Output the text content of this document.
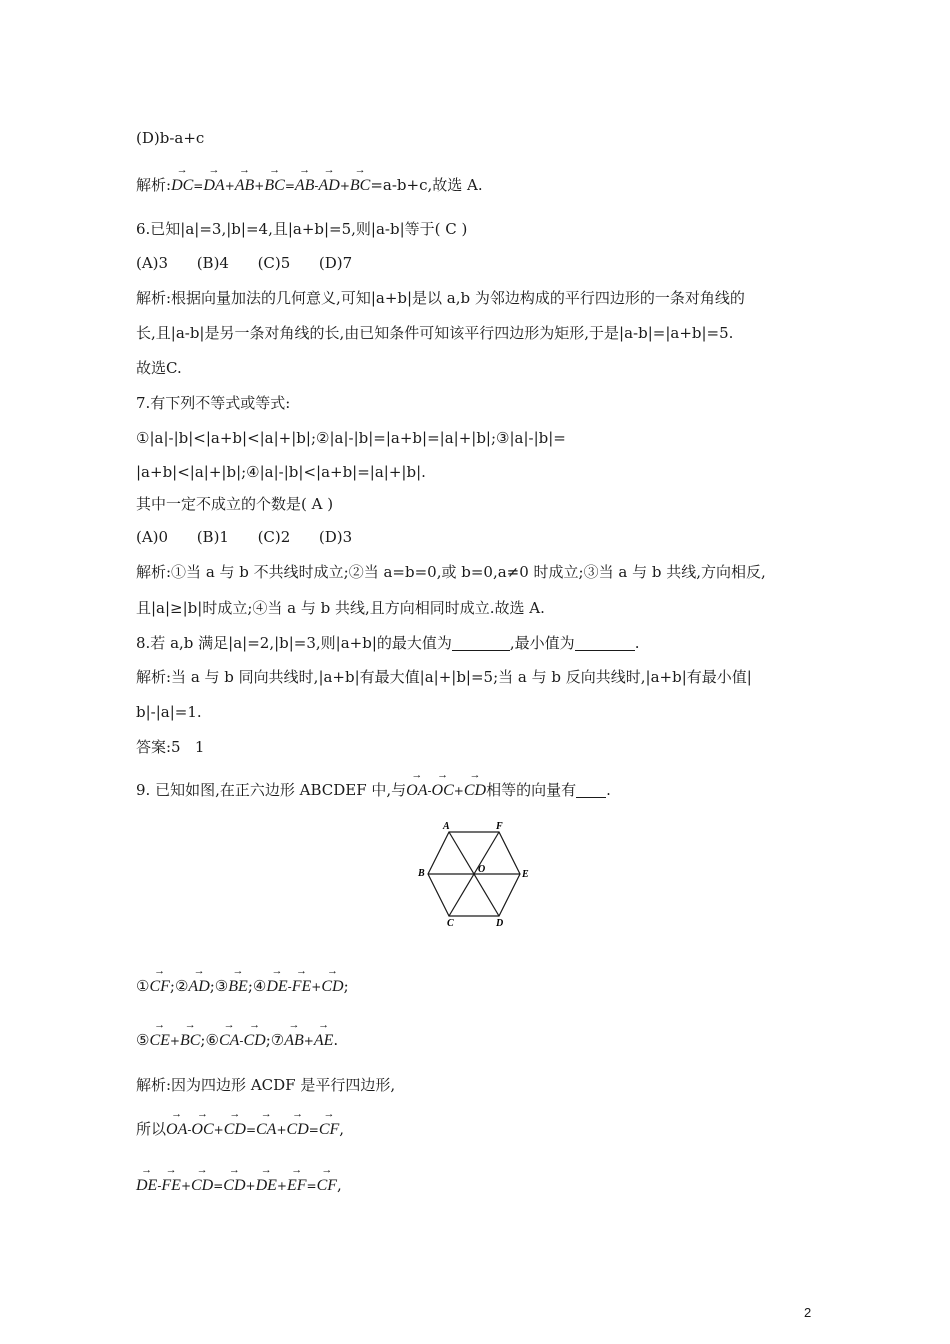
(D)b-a+c
解析:→ DC=→ DA+→ AB+→ BC=→ AB-→ AD+→ BC=a-b+c,故选 A.
6.已知|a|=3,|b|=4,且|a+b|=5,则|a-b|等于( C )
(A)3      (B)4      (C)5      (D)7
解析:根据向量加法的几何意义,可知|a+b|是以 a,b 为邻边构成的平行四边形的一条对角线的
长,且|a-b|是另一条对角线的长,由已知条件可知该平行四边形为矩形,于是|a-b|=|a+b|=5.
故选C.
7.有下列不等式或等式:
①|a|-|b|<|a+b|<|a|+|b|;②|a|-|b|=|a+b|=|a|+|b|;③|a|-|b|=
|a+b|<|a|+|b|;④|a|-|b|<|a+b|=|a|+|b|.
其中一定不成立的个数是( A )
(A)0      (B)1      (C)2      (D)3
解析:①当 a 与 b 不共线时成立;②当 a=b=0,或 b=0,a≠0 时成立;③当 a 与 b 共线,方向相反,
且|a|≥|b|时成立;④当 a 与 b 共线,且方向相同时成立.故选 A.
8.若 a,b 满足|a|=2,|b|=3,则|a+b|的最大值为	,最小值为	.
解析:当 a 与 b 同向共线时,|a+b|有最大值|a|+|b|=5;当 a 与 b 反向共线时,|a+b|有最小值|
b|-|a|=1.
答案:5   1
9. 已知如图,在正六边形 ABCDEF 中,与→ OA-→ OC+→ CD相等的向量有 .
A	F
B	O	E
C	D
①→ CF;②→ AD;③→ BE;④→ DE-→ FE+→ CD;
⑤→ CE+→ BC;⑥→ CA-→ CD;⑦→ AB+→ AE.
解析:因为四边形 ACDF 是平行四边形,
所以→ OA-→ OC+→ CD=→ CA+→ CD=→ CF,
→ DE-→ FE+→ CD=→ CD+→ DE+→ EF=→ CF,
2
